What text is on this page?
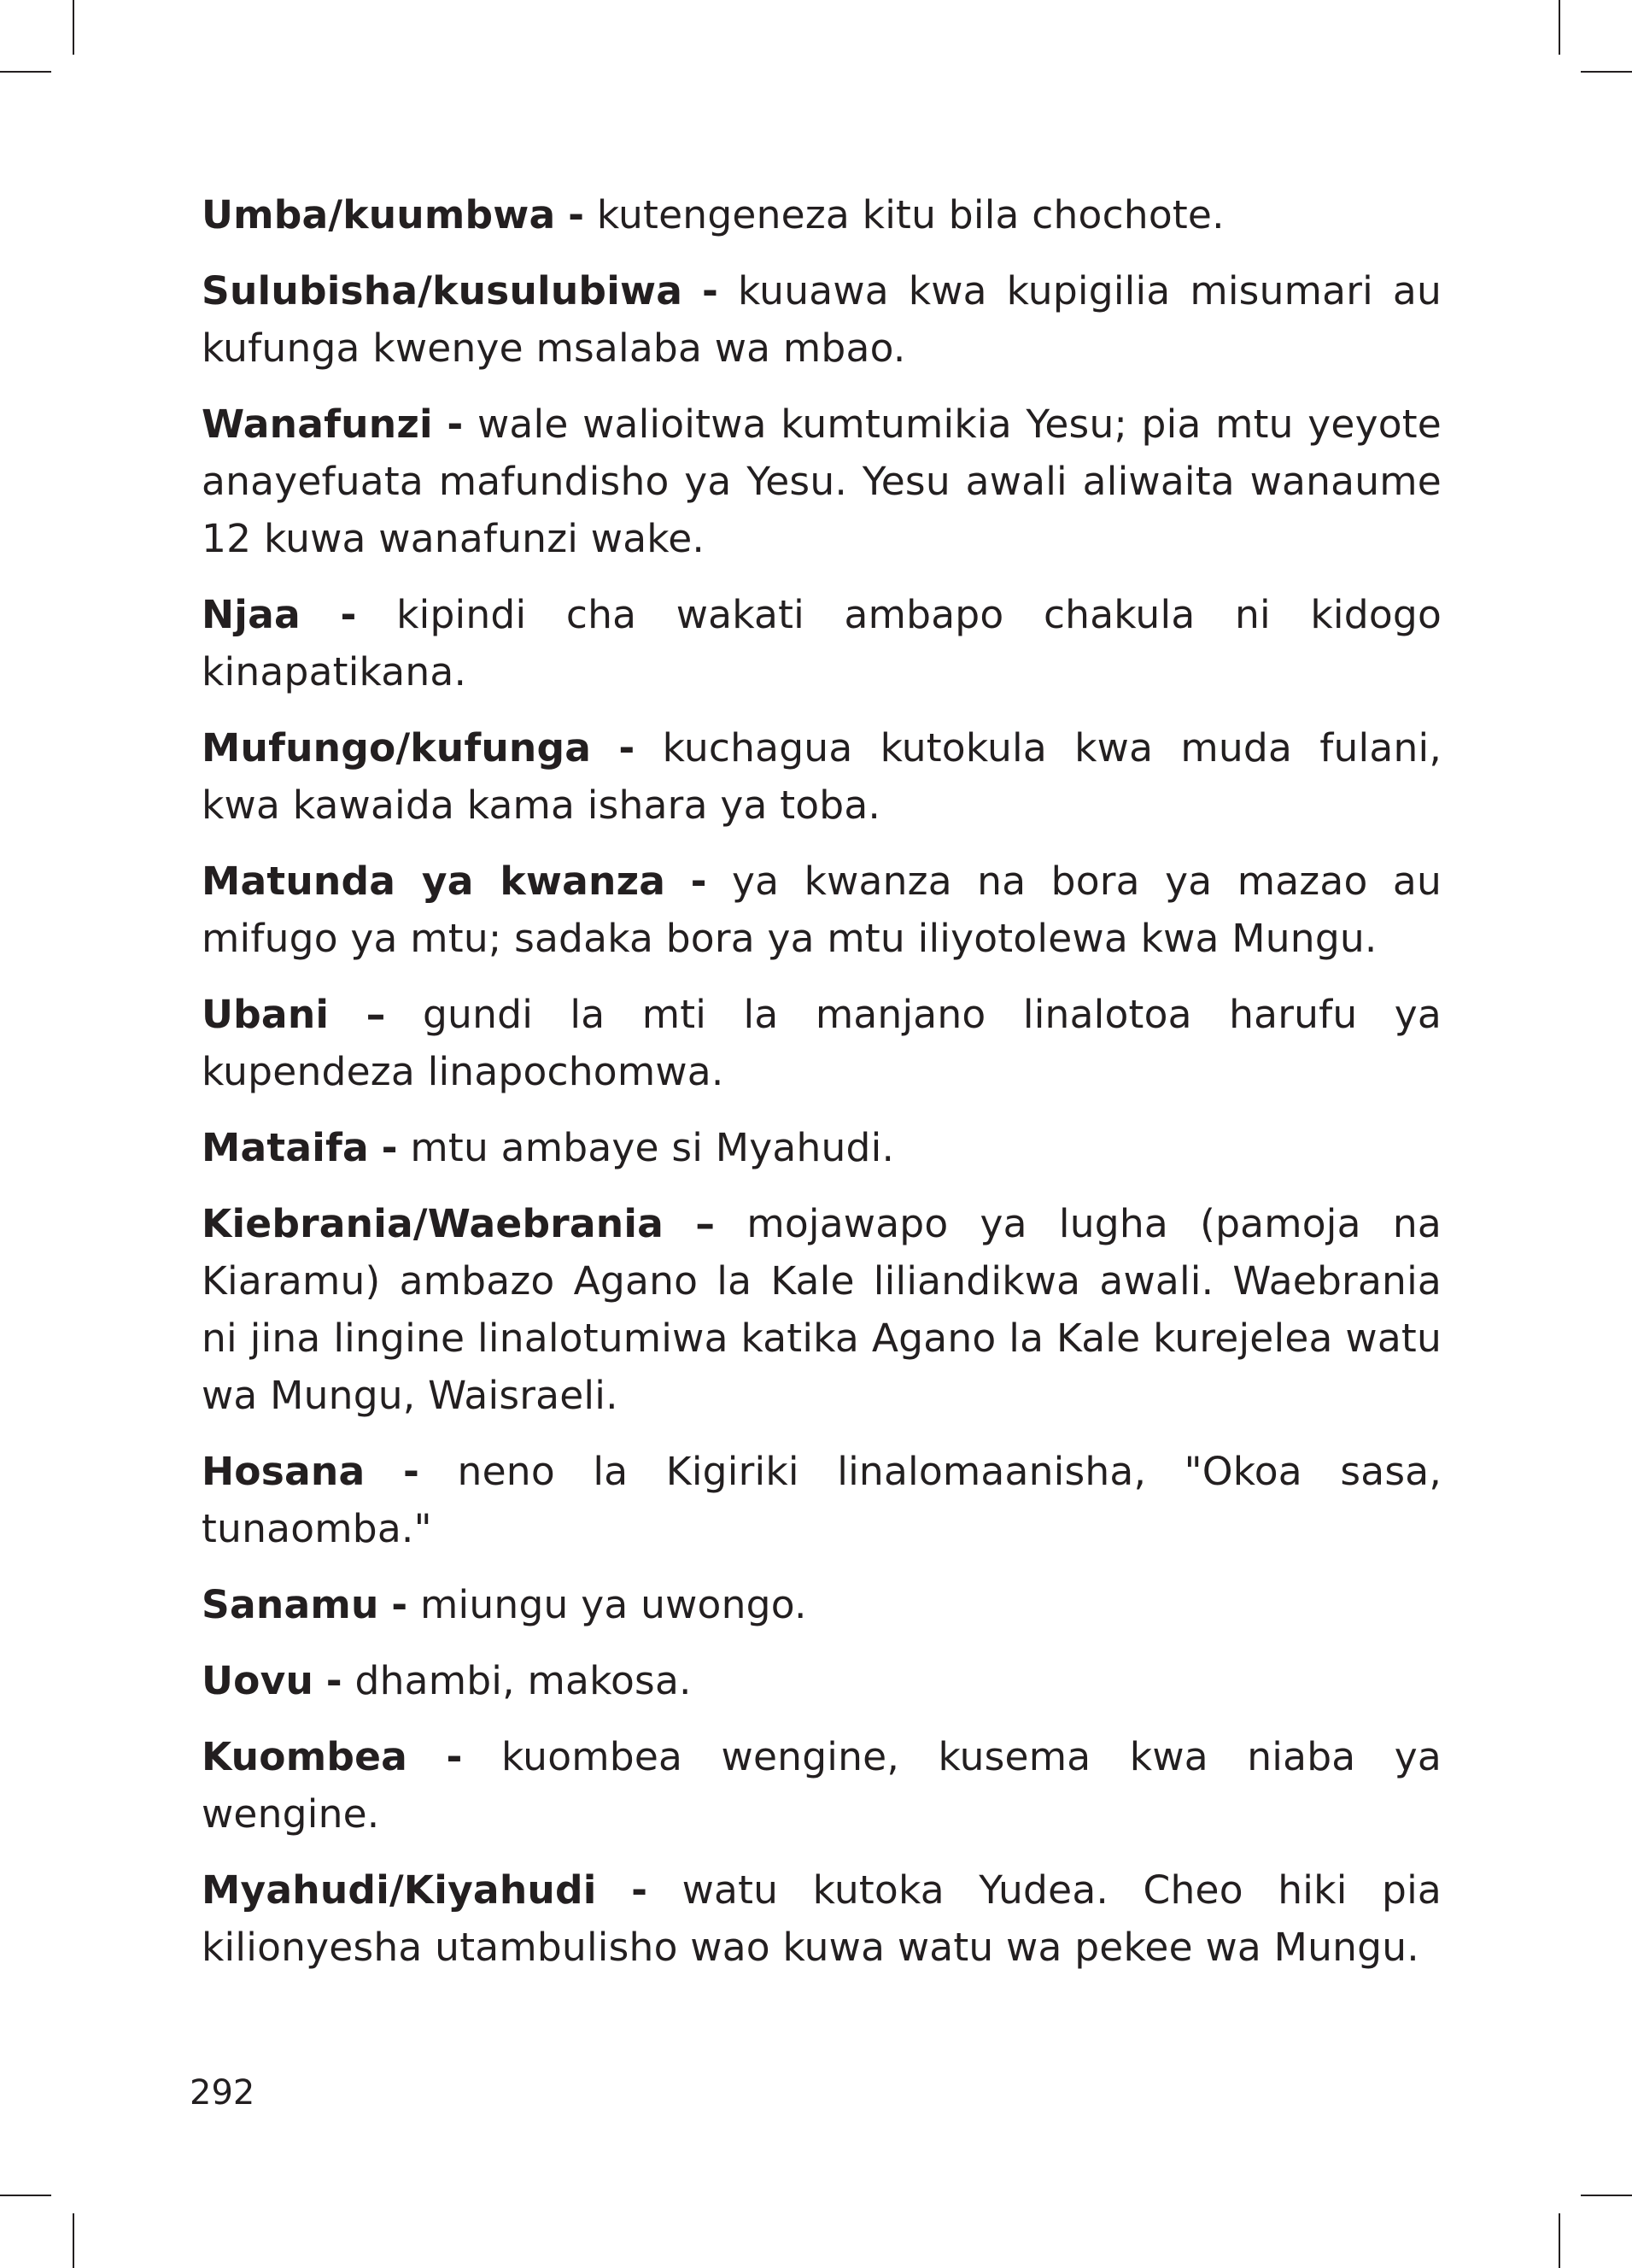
Umba/kuumbwa - kutengeneza kitu bila chochote.

Sulubisha/kusulubiwa - kuuawa kwa kupigilia misumari au kufunga kwenye msalaba wa mbao.

Wanafunzi - wale walioitwa kumtumikia Yesu; pia mtu yeyote anayefuata mafundisho ya Yesu. Yesu awali aliwaita wanaume 12 kuwa wanafunzi wake.

Njaa - kipindi cha wakati ambapo chakula ni kidogo kinapatikana.

Mufungo/kufunga - kuchagua kutokula kwa muda fulani, kwa kawaida kama ishara ya toba.

Matunda ya kwanza - ya kwanza na bora ya mazao au mifugo ya mtu; sadaka bora ya mtu iliyotolewa kwa Mungu.

Ubani – gundi la mti la manjano linalotoa harufu ya kupendeza linapochomwa.

Mataifa - mtu ambaye si Myahudi.

Kiebrania/Waebrania – mojawapo ya lugha (pamoja na Kiaramu) ambazo Agano la Kale liliandikwa awali. Waebrania ni jina lingine linalotumiwa katika Agano la Kale kurejelea watu wa Mungu, Waisraeli.

Hosana - neno la Kigiriki linalomaanisha, "Okoa sasa, tunaomba."

Sanamu - miungu ya uwongo.

Uovu - dhambi, makosa.

Kuombea - kuombea wengine, kusema kwa niaba ya wengine.

Myahudi/Kiyahudi - watu kutoka Yudea. Cheo hiki pia kilionyesha utambulisho wao kuwa watu wa pekee wa Mungu.

292
